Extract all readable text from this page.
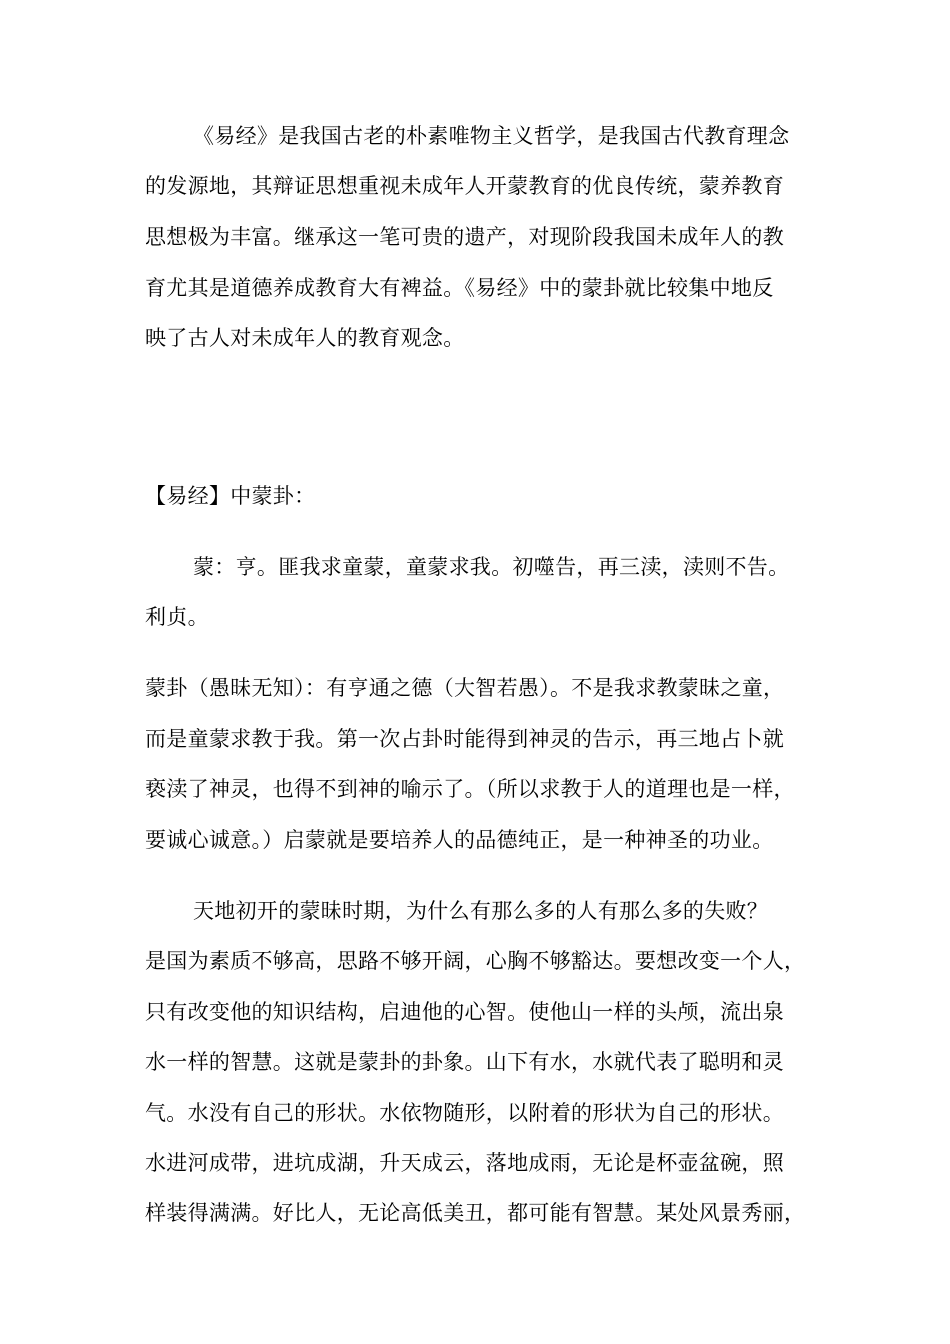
《易经》是我国古老的朴素唯物主义哲学，是我国古代教育理念
的发源地，其辩证思想重视未成年人开蒙教育的优良传统，蒙养教育
思想极为丰富。继承这一笔可贵的遗产，对现阶段我国未成年人的教
育尤其是道德养成教育大有裨益。《易经》中的蒙卦就比较集中地反
映了古人对未成年人的教育观念。
【易经】中蒙卦：
蒙：亨。匪我求童蒙，童蒙求我。初噬告，再三渎，渎则不告。
利贞。
蒙卦（愚昧无知）：有亨通之德（大智若愚）。不是我求教蒙昧之童，
而是童蒙求教于我。第一次占卦时能得到神灵的告示，再三地占卜就
亵渎了神灵，也得不到神的喻示了。（所以求教于人的道理也是一样，
要诚心诚意。）启蒙就是要培养人的品德纯正，是一种神圣的功业。
天地初开的蒙昧时期，为什么有那么多的人有那么多的失败？
是国为素质不够高，思路不够开阔，心胸不够豁达。要想改变一个人，
只有改变他的知识结构，启迪他的心智。使他山一样的头颅，流出泉
水一样的智慧。这就是蒙卦的卦象。山下有水，水就代表了聪明和灵
气。水没有自己的形状。水依物随形，以附着的形状为自己的形状。
水进河成带，进坑成湖，升天成云，落地成雨，无论是杯壶盆碗，照
样装得满满。好比人，无论高低美丑，都可能有智慧。某处风景秀丽，
